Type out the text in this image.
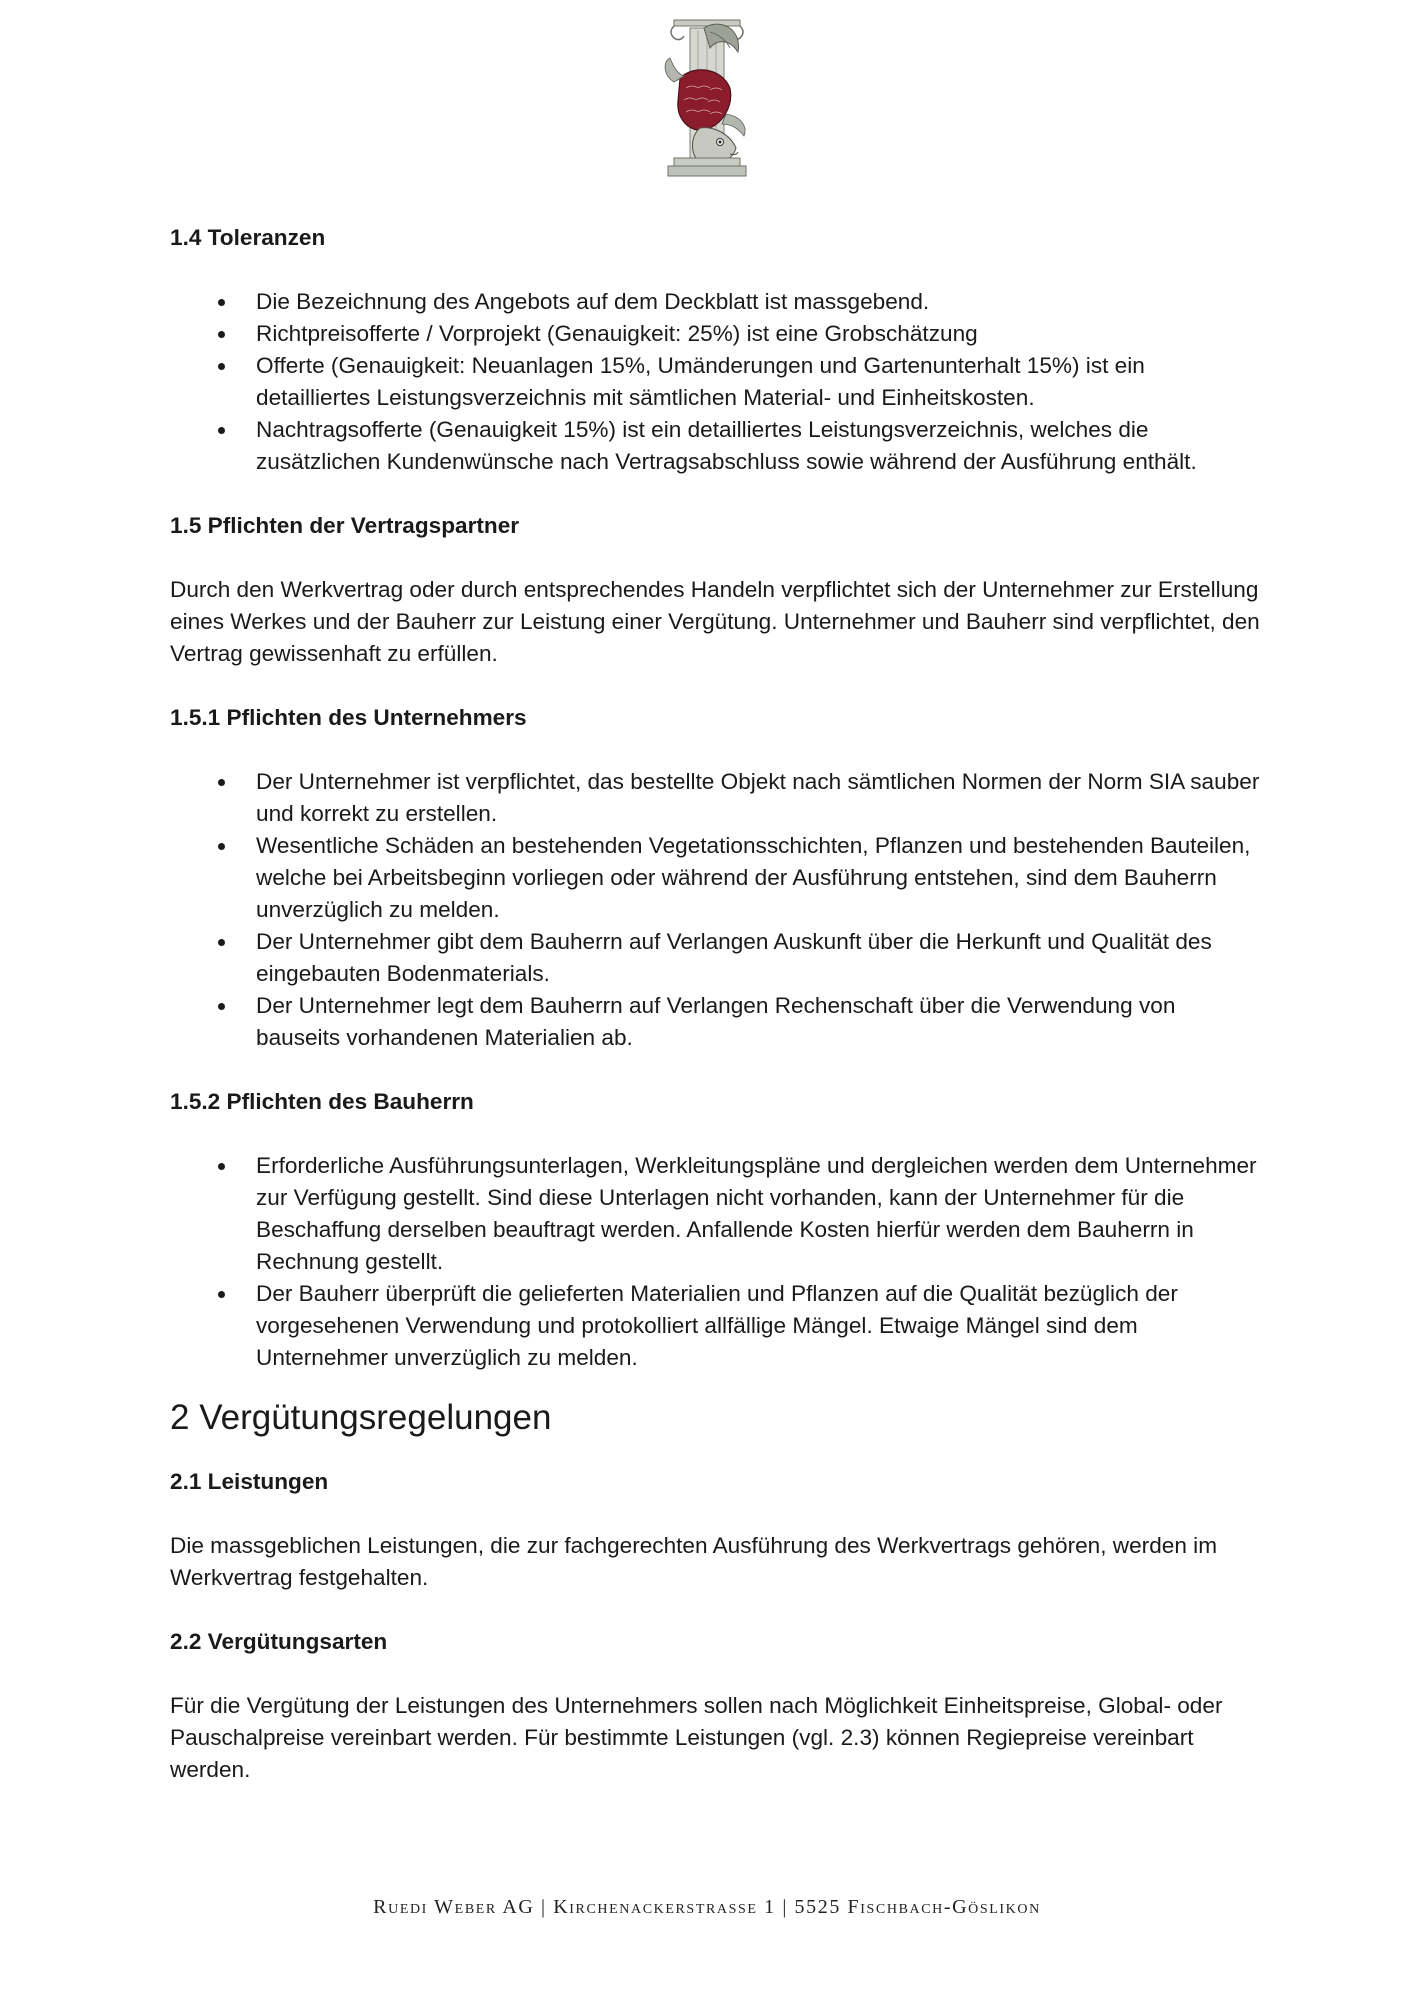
1.4 Toleranzen
Die Bezeichnung des Angebots auf dem Deckblatt ist massgebend.
Richtpreisofferte / Vorprojekt (Genauigkeit: 25%) ist eine Grobschätzung
Offerte (Genauigkeit: Neuanlagen 15%, Umänderungen und Gartenunterhalt 15%) ist ein detailliertes Leistungsverzeichnis mit sämtlichen Material- und Einheitskosten.
Nachtragsofferte (Genauigkeit 15%) ist ein detailliertes Leistungsverzeichnis, welches die zusätzlichen Kundenwünsche nach Vertragsabschluss sowie während der Ausführung enthält.
1.5 Pflichten der Vertragspartner

Durch den Werkvertrag oder durch entsprechendes Handeln verpflichtet sich der Unternehmer zur Erstellung eines Werkes und der Bauherr zur Leistung einer Vergütung. Unternehmer und Bauherr sind verpflichtet, den Vertrag gewissenhaft zu erfüllen.

1.5.1 Pflichten des Unternehmers
Der Unternehmer ist verpflichtet, das bestellte Objekt nach sämtlichen Normen der Norm SIA sauber und korrekt zu erstellen.
Wesentliche Schäden an bestehenden Vegetationsschichten, Pflanzen und bestehenden Bauteilen, welche bei Arbeitsbeginn vorliegen oder während der Ausführung entstehen, sind dem Bauherrn unverzüglich zu melden.
Der Unternehmer gibt dem Bauherrn auf Verlangen Auskunft über die Herkunft und Qualität des eingebauten Bodenmaterials.
Der Unternehmer legt dem Bauherrn auf Verlangen Rechenschaft über die Verwendung von bauseits vorhandenen Materialien ab.
1.5.2 Pflichten des Bauherrn
Erforderliche Ausführungsunterlagen, Werkleitungspläne und dergleichen werden dem Unternehmer zur Verfügung gestellt. Sind diese Unterlagen nicht vorhanden, kann der Unternehmer für die Beschaffung derselben beauftragt werden. Anfallende Kosten hierfür werden dem Bauherrn in Rechnung gestellt.
Der Bauherr überprüft die gelieferten Materialien und Pflanzen auf die Qualität bezüglich der vorgesehenen Verwendung und protokolliert allfällige Mängel. Etwaige Mängel sind dem Unternehmer unverzüglich zu melden.
2 Vergütungsregelungen
2.1 Leistungen

Die massgeblichen Leistungen, die zur fachgerechten Ausführung des Werkvertrags gehören, werden im Werkvertrag festgehalten.

2.2 Vergütungsarten

Für die Vergütung der Leistungen des Unternehmers sollen nach Möglichkeit Einheitspreise, Global- oder Pauschalpreise vereinbart werden. Für bestimmte Leistungen (vgl. 2.3) können Regiepreise vereinbart werden.

Ruedi Weber AG | Kirchenackerstrasse 1 | 5525 Fischbach-Göslikon
